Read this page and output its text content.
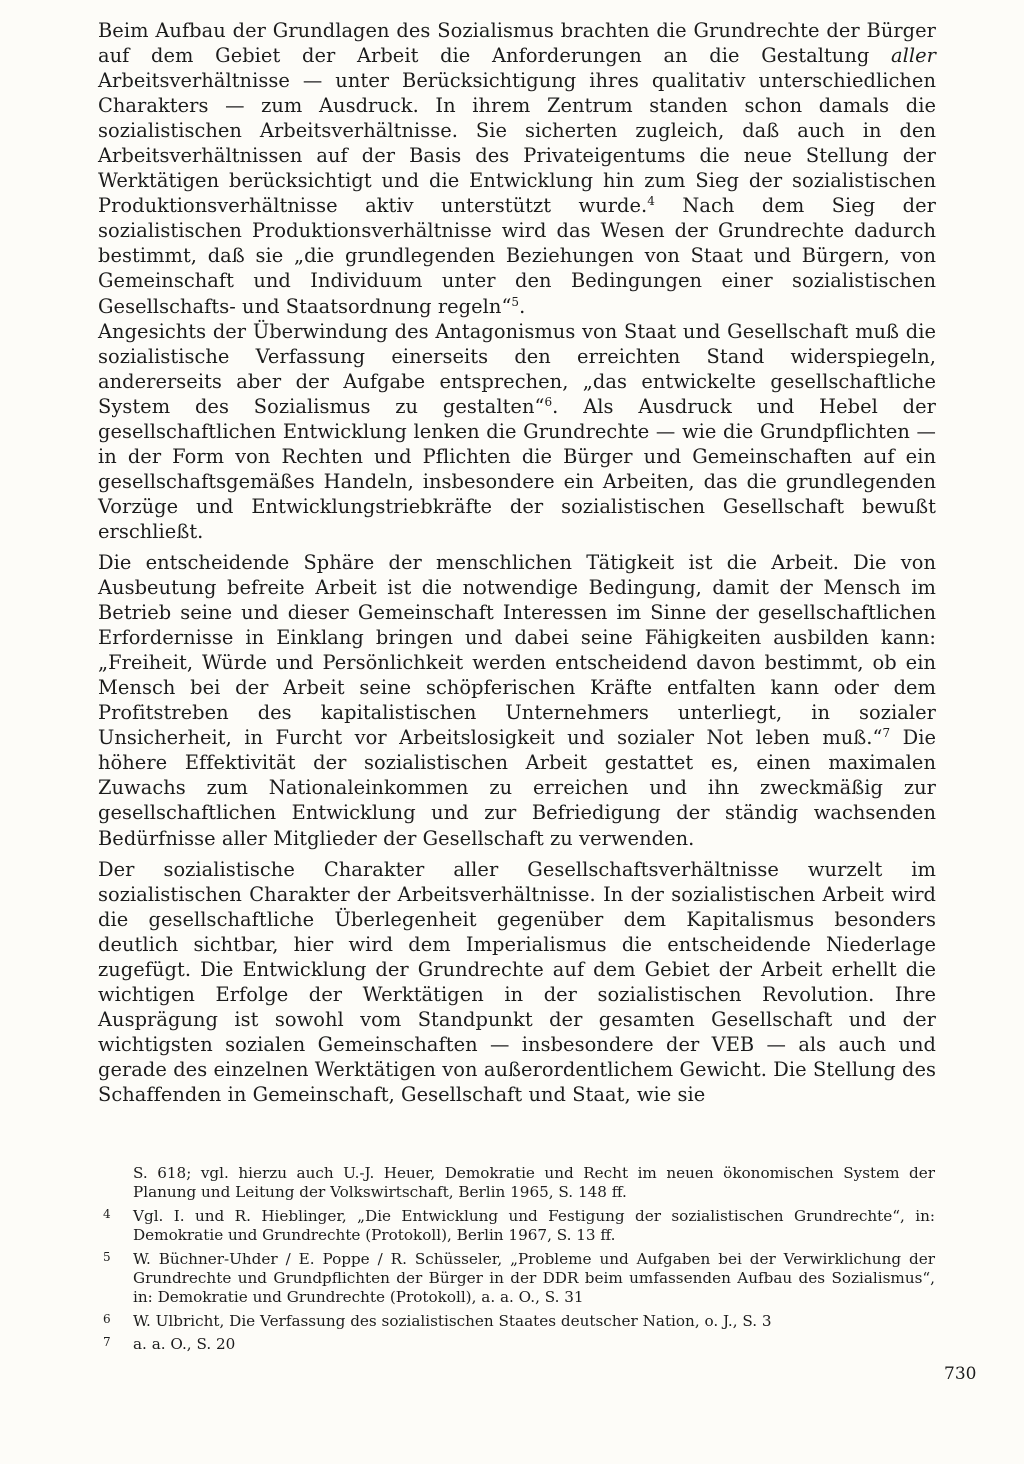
Beim Aufbau der Grundlagen des Sozialismus brachten die Grundrechte der Bürger auf dem Gebiet der Arbeit die Anforderungen an die Gestaltung aller Arbeitsverhältnisse — unter Berücksichtigung ihres qualitativ unterschiedlichen Charakters — zum Ausdruck. In ihrem Zentrum standen schon damals die sozialistischen Arbeitsverhältnisse. Sie sicherten zugleich, daß auch in den Arbeitsverhältnissen auf der Basis des Privateigentums die neue Stellung der Werktätigen berücksichtigt und die Entwicklung hin zum Sieg der sozialistischen Produktionsverhältnisse aktiv unterstützt wurde.$^4$ Nach dem Sieg der sozialistischen Produktionsverhältnisse wird das Wesen der Grundrechte dadurch bestimmt, daß sie „die grundlegenden Beziehungen von Staat und Bürgern, von Gemeinschaft und Individuum unter den Bedingungen einer sozialistischen Gesellschafts- und Staatsordnung regeln“$^5$.

Angesichts der Überwindung des Antagonismus von Staat und Gesellschaft muß die sozialistische Verfassung einerseits den erreichten Stand widerspiegeln, andererseits aber der Aufgabe entsprechen, „das entwickelte gesellschaftliche System des Sozialismus zu gestalten“$^6$. Als Ausdruck und Hebel der gesellschaftlichen Entwicklung lenken die Grundrechte — wie die Grundpflichten — in der Form von Rechten und Pflichten die Bürger und Gemeinschaften auf ein gesellschaftsgemäßes Handeln, insbesondere ein Arbeiten, das die grundlegenden Vorzüge und Entwicklungstriebkräfte der sozialistischen Gesellschaft bewußt erschließt.

Die entscheidende Sphäre der menschlichen Tätigkeit ist die Arbeit. Die von Ausbeutung befreite Arbeit ist die notwendige Bedingung, damit der Mensch im Betrieb seine und dieser Gemeinschaft Interessen im Sinne der gesellschaftlichen Erfordernisse in Einklang bringen und dabei seine Fähigkeiten ausbilden kann: „Freiheit, Würde und Persönlichkeit werden entscheidend davon bestimmt, ob ein Mensch bei der Arbeit seine schöpferischen Kräfte entfalten kann oder dem Profitstreben des kapitalistischen Unternehmers unterliegt, in sozialer Unsicherheit, in Furcht vor Arbeitslosigkeit und sozialer Not leben muß.“$^7$ Die höhere Effektivität der sozialistischen Arbeit gestattet es, einen maximalen Zuwachs zum Nationaleinkommen zu erreichen und ihn zweckmäßig zur gesellschaftlichen Entwicklung und zur Befriedigung der ständig wachsenden Bedürfnisse aller Mitglieder der Gesellschaft zu verwenden.

Der sozialistische Charakter aller Gesellschaftsverhältnisse wurzelt im sozialistischen Charakter der Arbeitsverhältnisse. In der sozialistischen Arbeit wird die gesellschaftliche Überlegenheit gegenüber dem Kapitalismus besonders deutlich sichtbar, hier wird dem Imperialismus die entscheidende Niederlage zugefügt. Die Entwicklung der Grundrechte auf dem Gebiet der Arbeit erhellt die wichtigen Erfolge der Werktätigen in der sozialistischen Revolution. Ihre Ausprägung ist sowohl vom Standpunkt der gesamten Gesellschaft und der wichtigsten sozialen Gemeinschaften — insbesondere der VEB — als auch und gerade des einzelnen Werktätigen von außerordentlichem Gewicht. Die Stellung des Schaffenden in Gemeinschaft, Gesellschaft und Staat, wie sie

S. 618; vgl. hierzu auch U.-J. Heuer, Demokratie und Recht im neuen ökonomischen System der Planung und Leitung der Volkswirtschaft, Berlin 1965, S. 148 ff.

4 Vgl. I. und R. Hieblinger, „Die Entwicklung und Festigung der sozialistischen Grundrechte“, in: Demokratie und Grundrechte (Protokoll), Berlin 1967, S. 13 ff.

5 W. Büchner-Uhder / E. Poppe / R. Schüsseler, „Probleme und Aufgaben bei der Verwirklichung der Grundrechte und Grundpflichten der Bürger in der DDR beim umfassenden Aufbau des Sozialismus“, in: Demokratie und Grundrechte (Protokoll), a. a. O., S. 31

6 W. Ulbricht, Die Verfassung des sozialistischen Staates deutscher Nation, o. J., S. 3

7 a. a. O., S. 20

730
